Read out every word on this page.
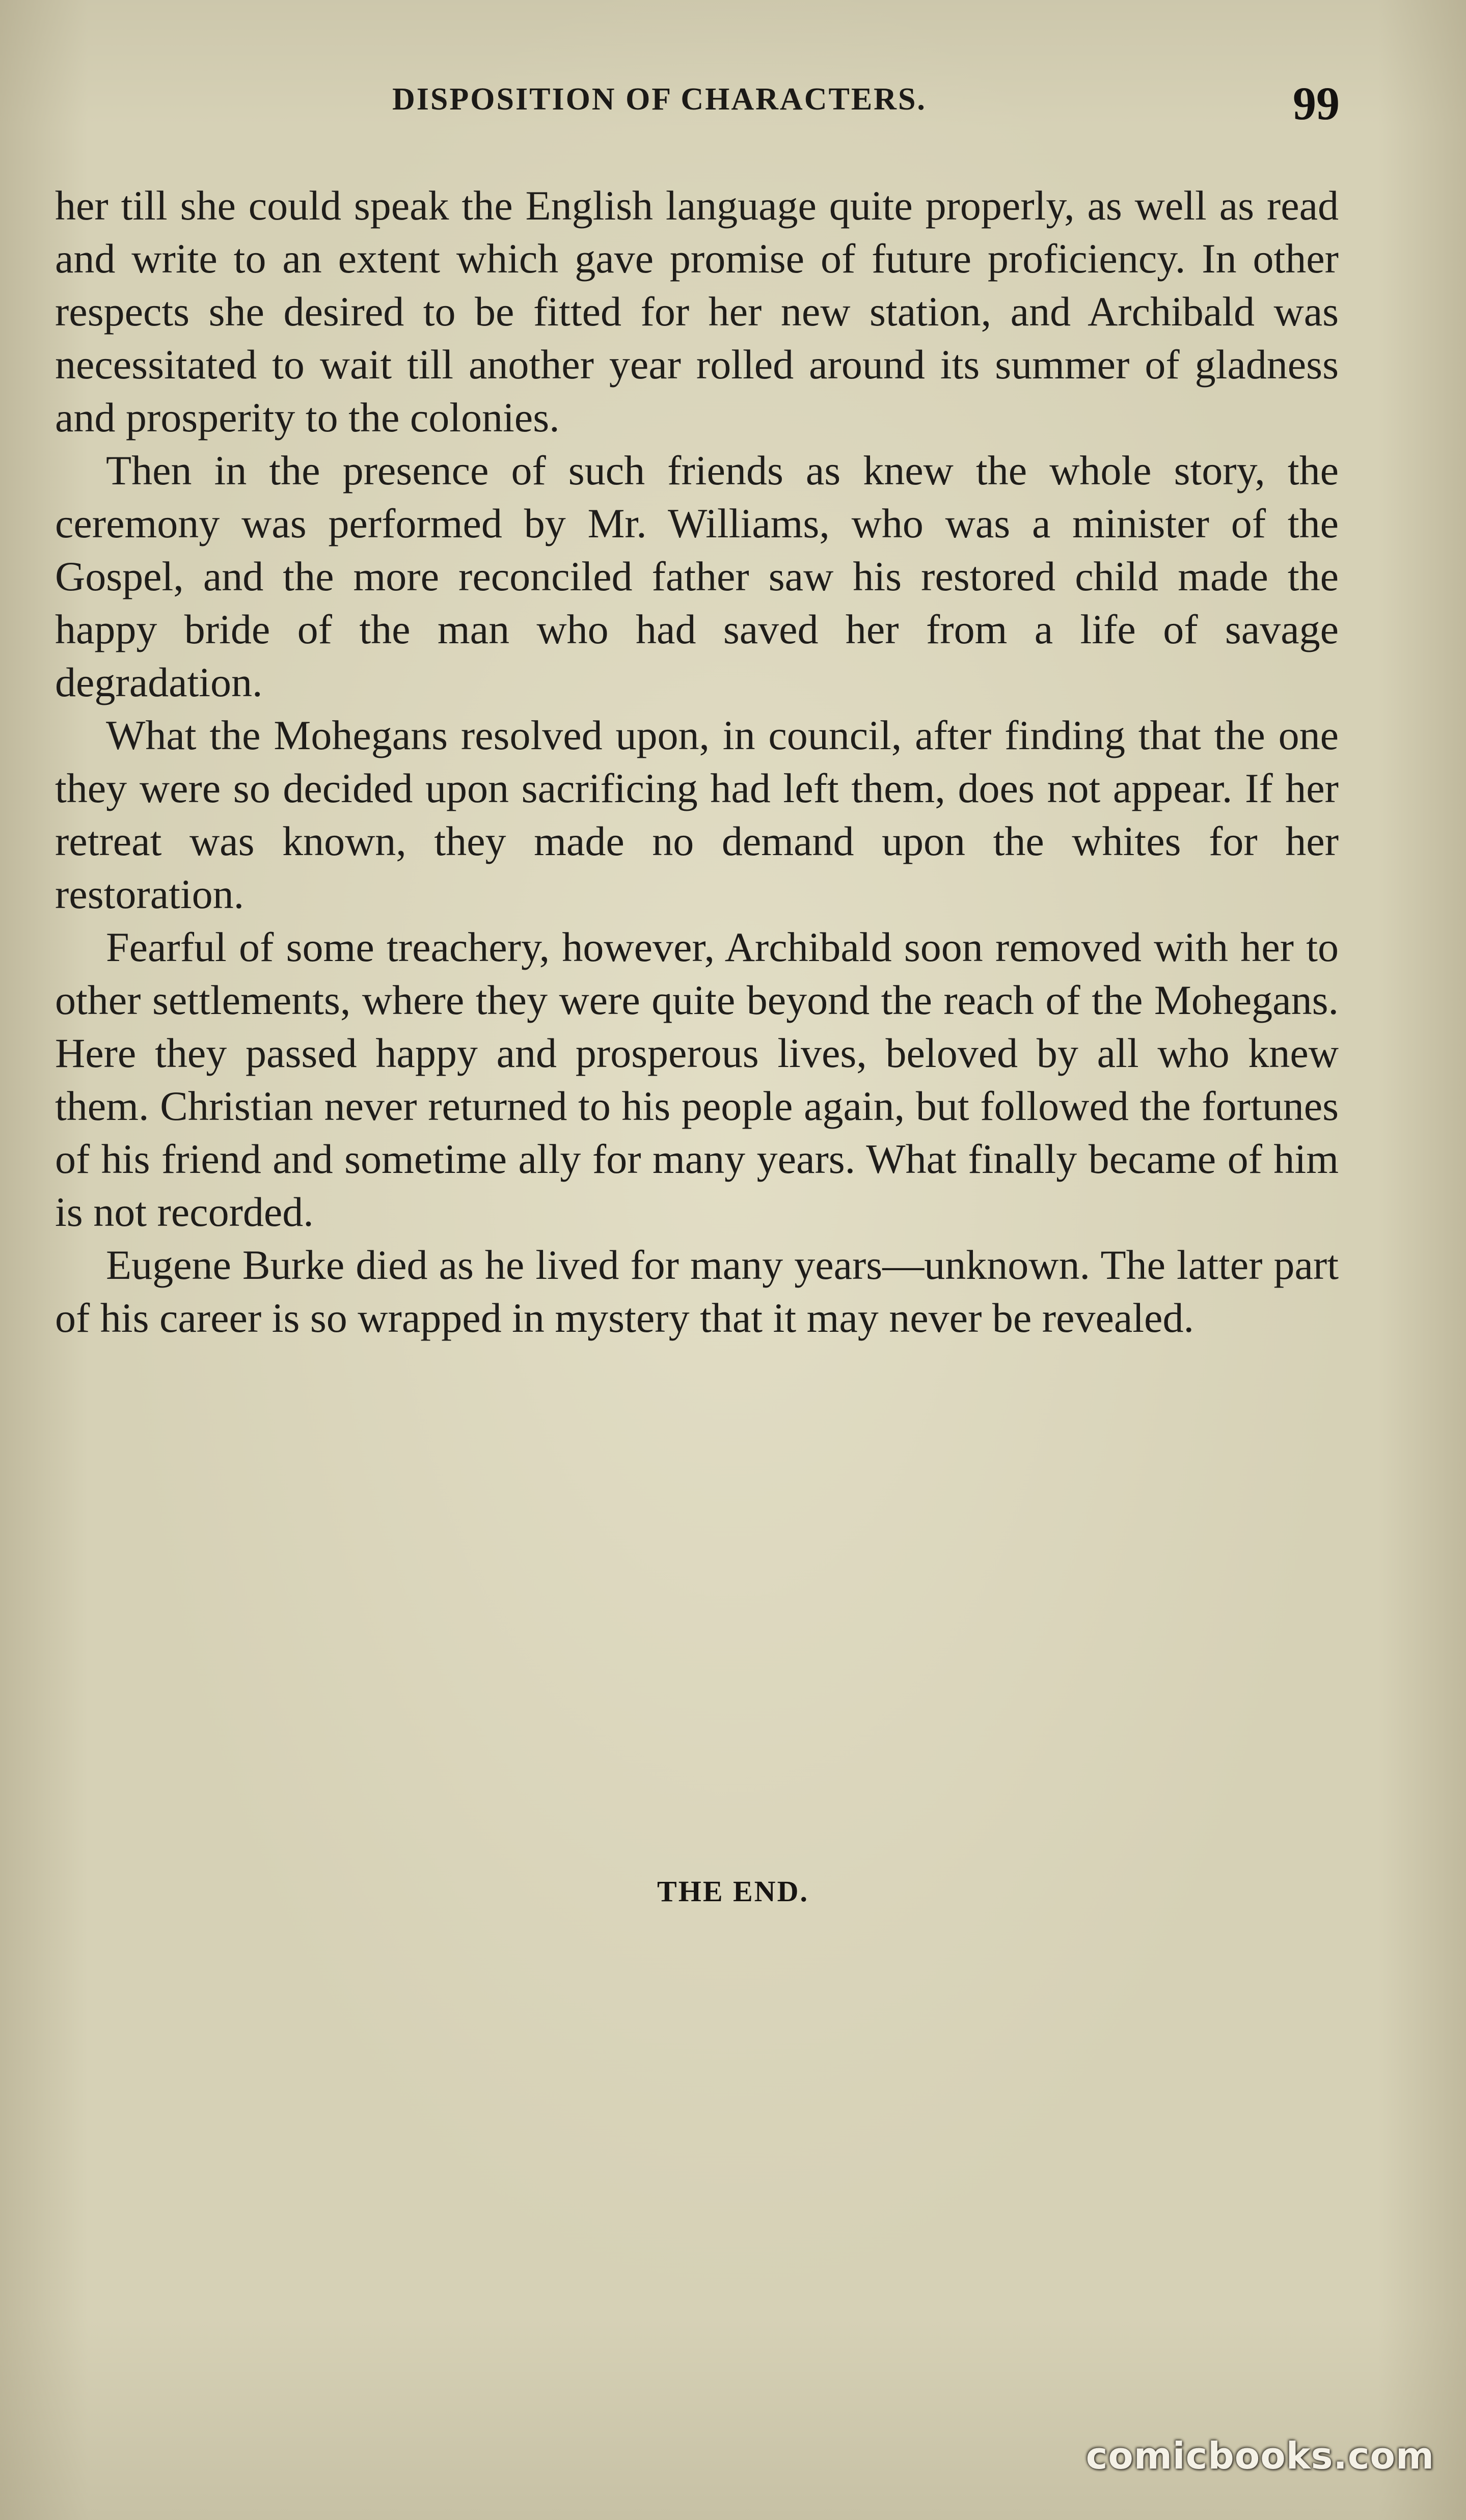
DISPOSITION OF CHARACTERS.	99

her till she could speak the English language quite properly, as well as read and write to an extent which gave promise of future proficiency. In other respects she desired to be fitted for her new station, and Archibald was necessitated to wait till another year rolled around its summer of gladness and prosperity to the colonies.

Then in the presence of such friends as knew the whole story, the ceremony was performed by Mr. Williams, who was a minister of the Gospel, and the more reconciled father saw his restored child made the happy bride of the man who had saved her from a life of savage degradation.

What the Mohegans resolved upon, in council, after finding that the one they were so decided upon sacrificing had left them, does not appear. If her retreat was known, they made no demand upon the whites for her restoration.

Fearful of some treachery, however, Archibald soon removed with her to other settlements, where they were quite beyond the reach of the Mohegans. Here they passed happy and prosperous lives, beloved by all who knew them. Christian never returned to his people again, but followed the fortunes of his friend and sometime ally for many years. What finally became of him is not recorded.

Eugene Burke died as he lived for many years—unknown. The latter part of his career is so wrapped in mystery that it may never be revealed.

THE END.
comicbooks.com
